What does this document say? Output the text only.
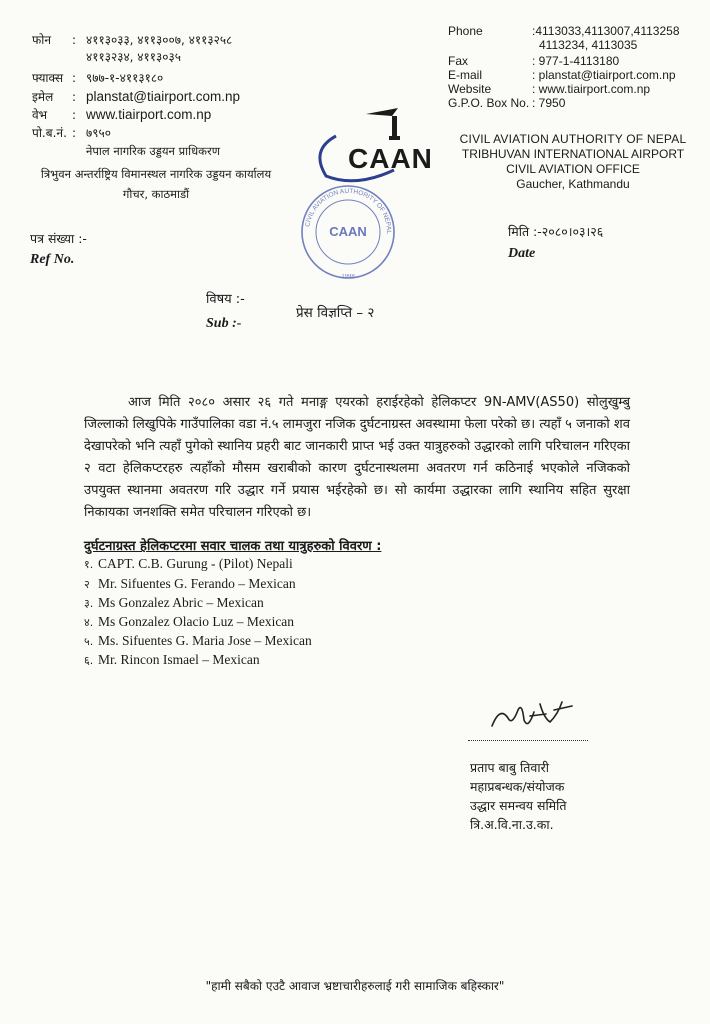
फोन : ४११३०३३, ४११३००७, ४११३२५८
४११३२३४, ४११३०३५
फ्याक्स : ९७७-१-४११३१८०
इमेल : planstat@tiairport.com.np
वेभ : www.tiairport.com.np
पो.ब.नं. : ७९५०
नेपाल नागरिक उड्डयन प्राधिकरण
त्रिभुवन अन्तर्राष्ट्रिय विमानस्थल नागरिक उड्डयन कार्यालय
गौचर, काठमाडौं
Phone	:4113033,4113007,4113258
4113234, 4113035
Fax	: 977-1-4113180
E-mail	: planstat@tiairport.com.np
Website	: www.tiairport.com.np
G.P.O. Box No. : 7950
CIVIL AVIATION AUTHORITY OF NEPAL
TRIBHUVAN INTERNATIONAL AIRPORT
CIVIL AVIATION OFFICE
Gaucher, Kathmandu
CAAN
CIVIL AVIATION AUTHORITY OF NEPAL
CAAN
1998
पत्र संख्या :-
Ref No.
मिति :-२०८०।०३।२६
Date
विषय :-
Sub :-
प्रेस विज्ञप्ति – २
आज मिति २०८० असार २६ गते मनाङ्ग एयरको हराईरहेको हेलिकप्टर 9N-AMV(AS50) सोलुखुम्बु जिल्लाको लिखुपिके गाउँपालिका वडा नं.५ लामजुरा नजिक दुर्घटनाग्रस्त अवस्थामा फेला परेको छ। त्यहाँ ५ जनाको शव देखापरेको भनि त्यहाँ पुगेको स्थानिय प्रहरी बाट जानकारी प्राप्त भई उक्त यात्रुहरुको उद्धारको लागि परिचालन गरिएका २ वटा हेलिकप्टरहरु त्यहाँको मौसम खराबीको कारण दुर्घटनास्थलमा अवतरण गर्न कठिनाई भएकोले नजिकको उपयुक्त स्थानमा अवतरण गरि उद्धार गर्ने प्रयास भईरहेको छ। सो कार्यमा उद्धारका लागि स्थानिय सहित सुरक्षा निकायका जनशक्ति समेत परिचालन गरिएको छ।
दुर्घटनाग्रस्त हेलिकप्टरमा सवार चालक तथा यात्रुहरुको विवरण :
१. CAPT. C.B. Gurung - (Pilot) Nepali
२ Mr. Sifuentes G. Ferando – Mexican
३. Ms Gonzalez Abric – Mexican
४. Ms Gonzalez Olacio Luz – Mexican
५. Ms. Sifuentes G. Maria Jose – Mexican
६. Mr. Rincon Ismael – Mexican
प्रताप बाबु तिवारी
महाप्रबन्धक/संयोजक
उद्धार समन्वय समिति
त्रि.अ.वि.ना.उ.का.
"हामी सबैको एउटै आवाज भ्रष्टाचारीहरुलाई गरी सामाजिक बहिस्कार"
